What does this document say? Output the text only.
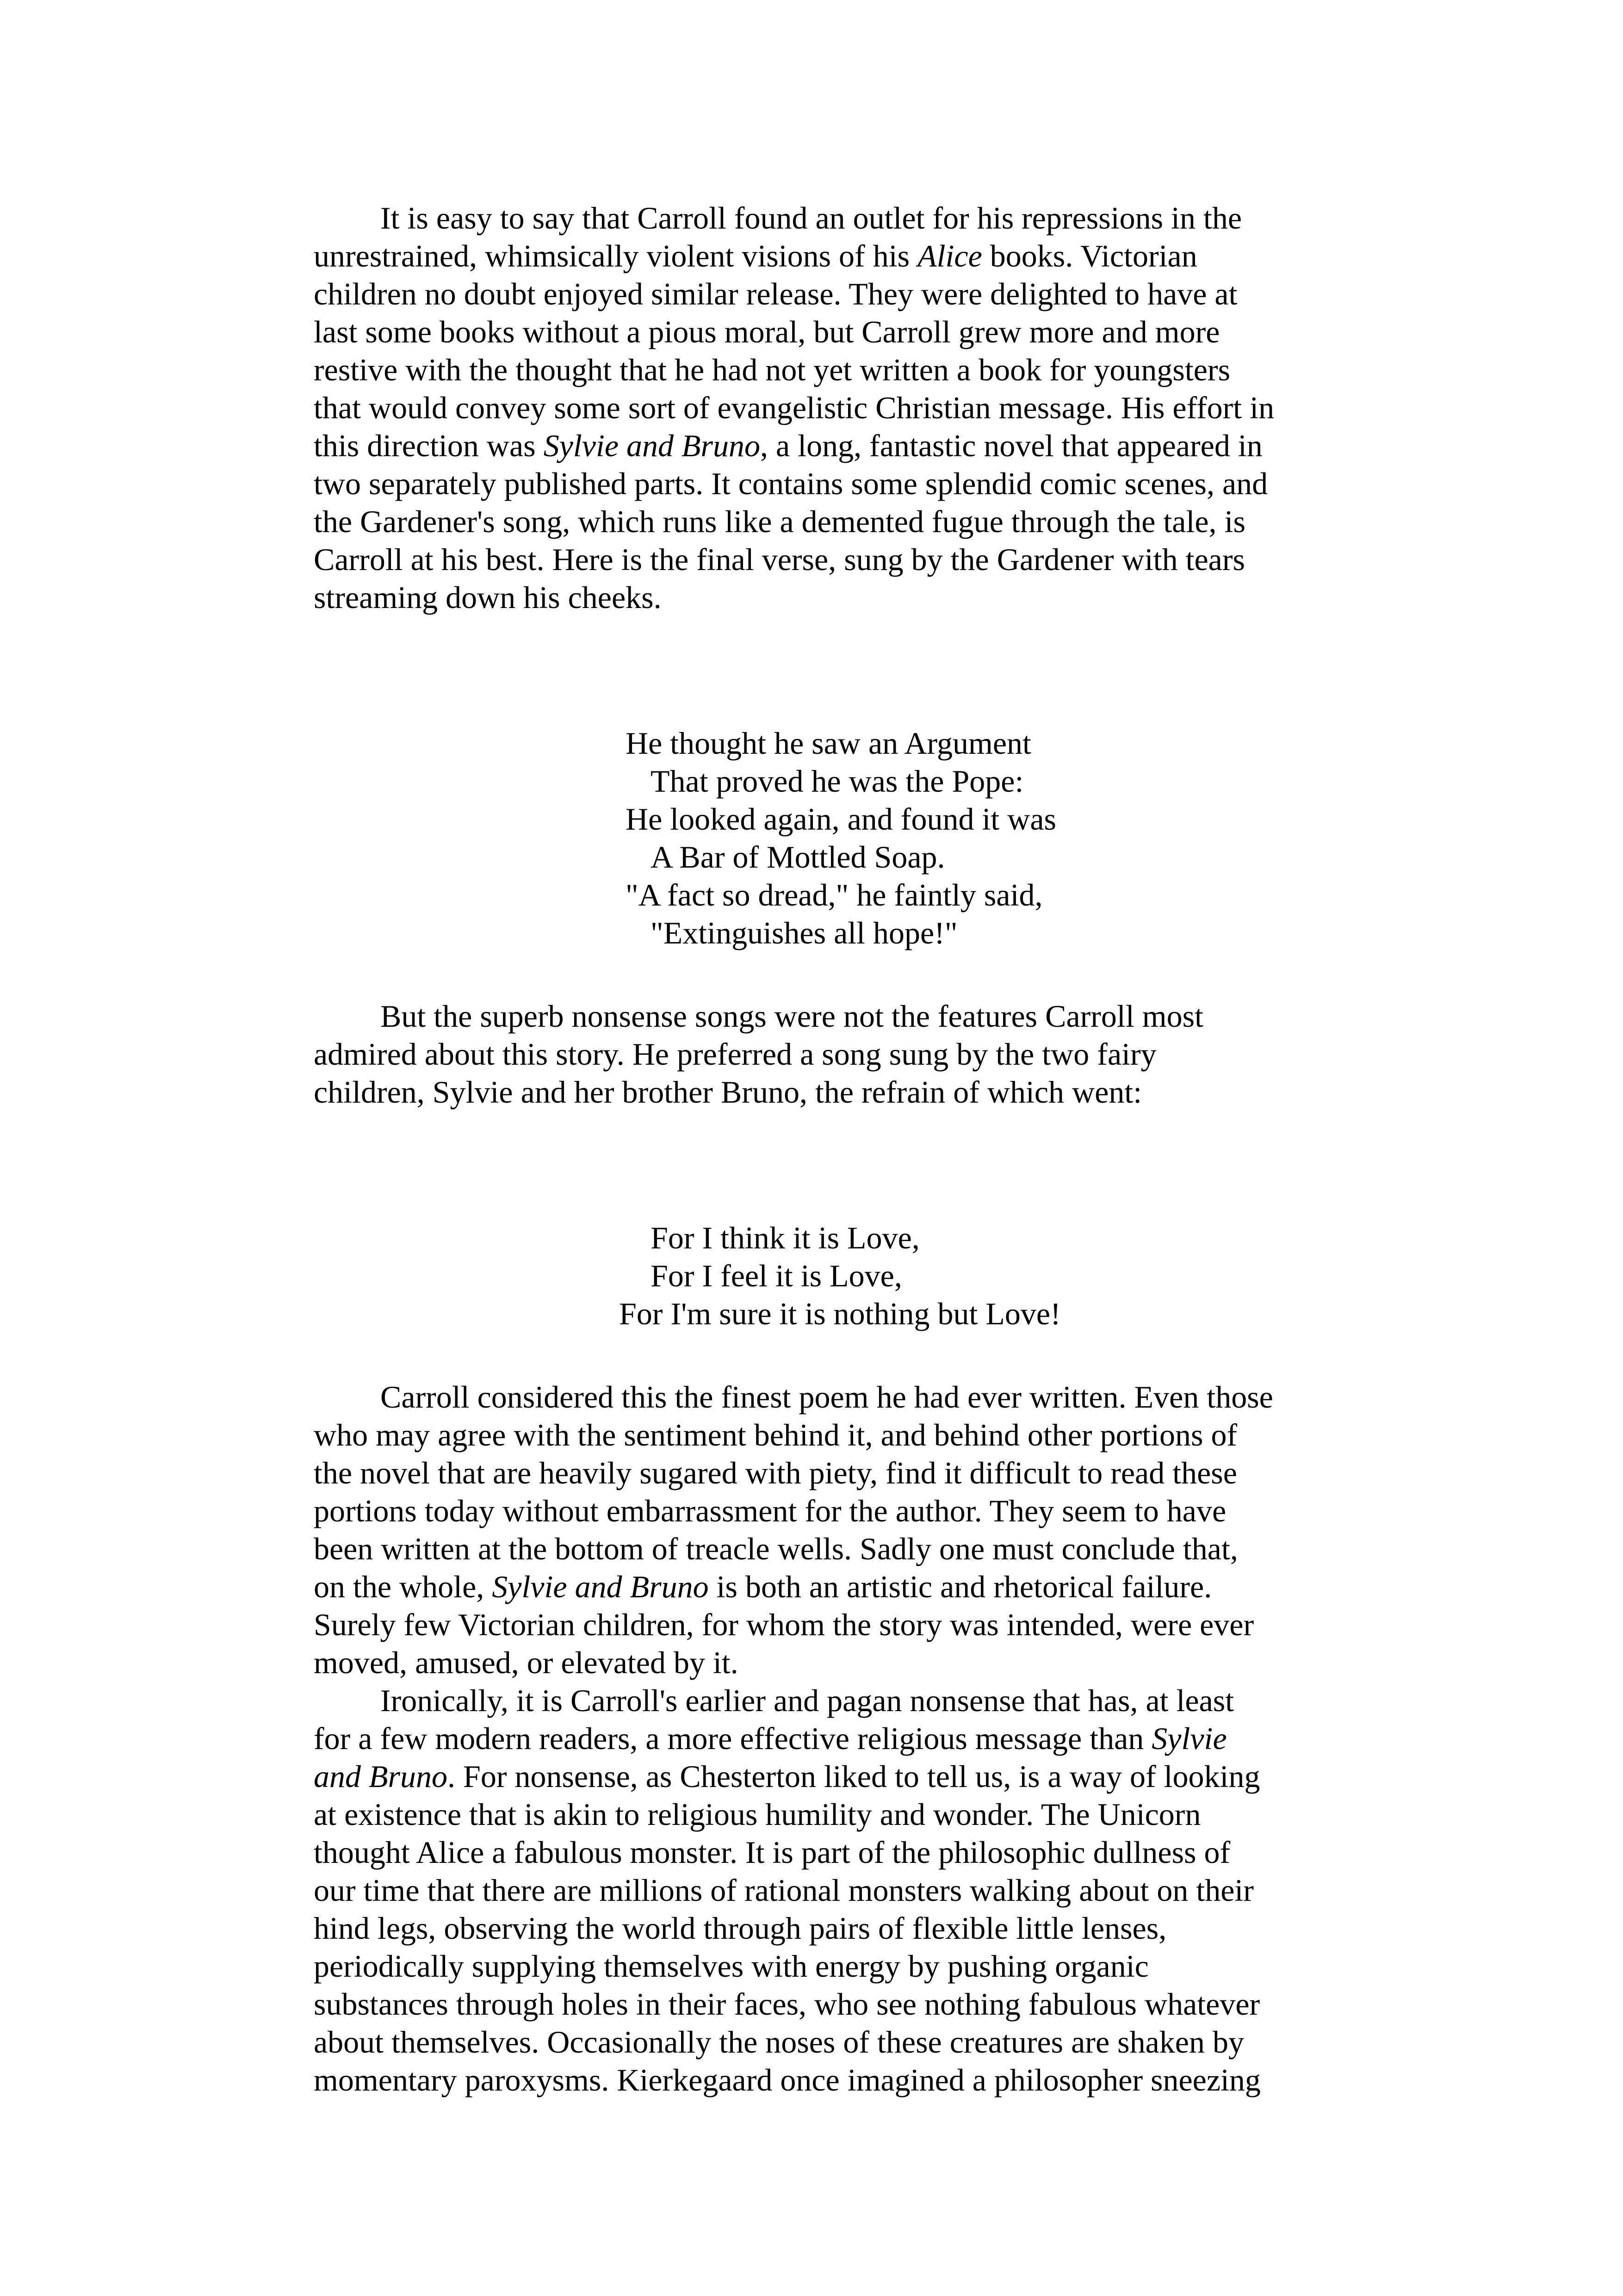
It is easy to say that Carroll found an outlet for his repressions in the

unrestrained, whimsically violent visions of his Alice books. Victorian

children no doubt enjoyed similar release. They were delighted to have at

last some books without a pious moral, but Carroll grew more and more

restive with the thought that he had not yet written a book for youngsters

that would convey some sort of evangelistic Christian message. His effort in

this direction was Sylvie and Bruno, a long, fantastic novel that appeared in

two separately published parts. It contains some splendid comic scenes, and

the Gardener's song, which runs like a demented fugue through the tale, is

Carroll at his best. Here is the final verse, sung by the Gardener with tears

streaming down his cheeks.

He thought he saw an Argument

That proved he was the Pope:

He looked again, and found it was

A Bar of Mottled Soap.

"A fact so dread," he faintly said,

"Extinguishes all hope!"

But the superb nonsense songs were not the features Carroll most

admired about this story. He preferred a song sung by the two fairy

children, Sylvie and her brother Bruno, the refrain of which went:

For I think it is Love,

For I feel it is Love,

For I'm sure it is nothing but Love!

Carroll considered this the finest poem he had ever written. Even those

who may agree with the sentiment behind it, and behind other portions of

the novel that are heavily sugared with piety, find it difficult to read these

portions today without embarrassment for the author. They seem to have

been written at the bottom of treacle wells. Sadly one must conclude that,

on the whole, Sylvie and Bruno is both an artistic and rhetorical failure.

Surely few Victorian children, for whom the story was intended, were ever

moved, amused, or elevated by it.

Ironically, it is Carroll's earlier and pagan nonsense that has, at least

for a few modern readers, a more effective religious message than Sylvie

and Bruno. For nonsense, as Chesterton liked to tell us, is a way of looking

at existence that is akin to religious humility and wonder. The Unicorn

thought Alice a fabulous monster. It is part of the philosophic dullness of

our time that there are millions of rational monsters walking about on their

hind legs, observing the world through pairs of flexible little lenses,

periodically supplying themselves with energy by pushing organic

substances through holes in their faces, who see nothing fabulous whatever

about themselves. Occasionally the noses of these creatures are shaken by

momentary paroxysms. Kierkegaard once imagined a philosopher sneezing
